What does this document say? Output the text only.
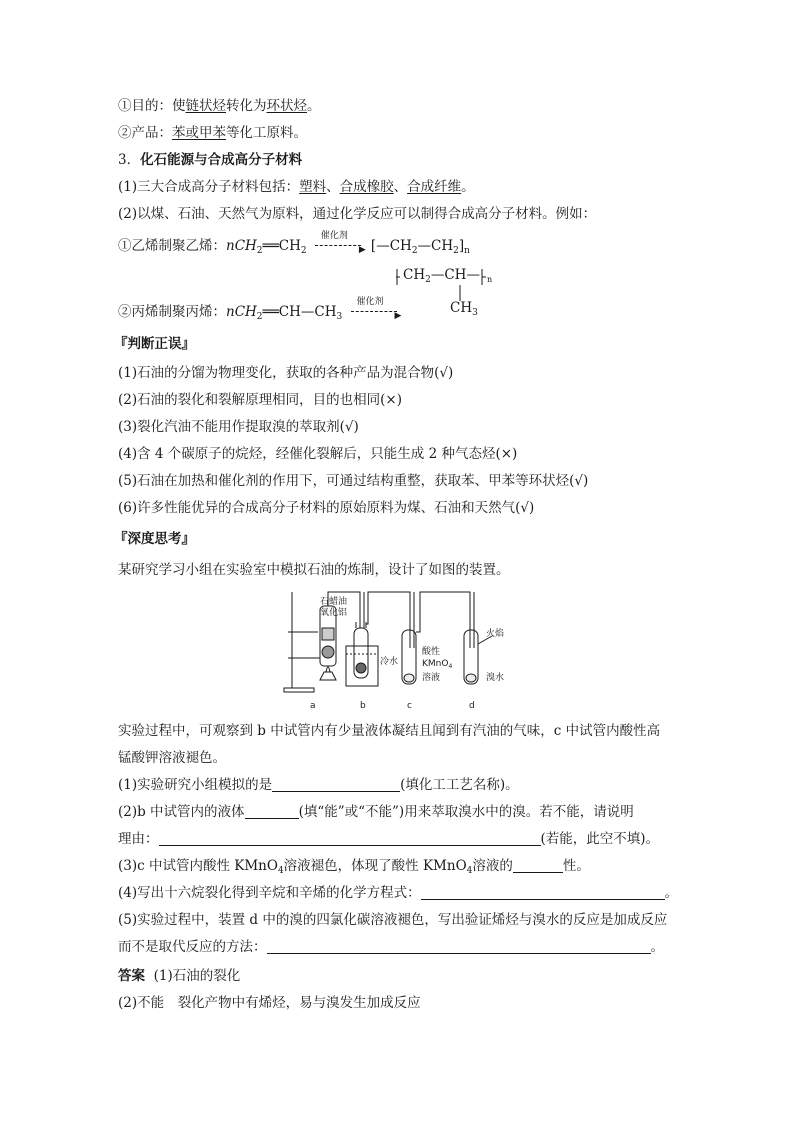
①目的：使链状烃转化为环状烃。
②产品：苯或甲苯等化工原料。
3．化石能源与合成高分子材料
(1)三大合成高分子材料包括：塑料、合成橡胶、合成纤维。
(2)以煤、石油、天然气为原料，通过化学反应可以制得合成高分子材料。例如：
①乙烯制聚乙烯：$nCH_2══CH_2$
催化剂
▶ $[—CH_2—CH_2]_n$
$CH_2—CH—$ n
$CH_3$
②丙烯制聚丙烯：$nCH_2══CH—CH_3$
催化剂
▶
『判断正误』
(1)石油的分馏为物理变化，获取的各种产品为混合物(√)
(2)石油的裂化和裂解原理相同，目的也相同(×)
(3)裂化汽油不能用作提取溴的萃取剂(√)
(4)含 4 个碳原子的烷烃，经催化裂解后，只能生成 2 种气态烃(×)
(5)石油在加热和催化剂的作用下，可通过结构重整，获取苯、甲苯等环状烃(√)
(6)许多性能优异的合成高分子材料的原始原料为煤、石油和天然气(√)
『深度思考』
某研究学习小组在实验室中模拟石油的炼制，设计了如图的装置。
石蜡油
氧化铝
冷水
酸性
KMnO$_4$
溶液
火焰
溴水
a	b	c	d
实验过程中，可观察到 b 中试管内有少量液体凝结且闻到有汽油的气味，c 中试管内酸性高
锰酸钾溶液褪色。
(1)实验研究小组模拟的是	(填化工工艺名称)。
(2)b 中试管内的液体	(填“能”或“不能”)用来萃取溴水中的溴。若不能，请说明
理由：	(若能，此空不填)。
(3)c 中试管内酸性 KMnO$_4$溶液褪色，体现了酸性 KMnO$_4$溶液的	性。
(4)写出十六烷裂化得到辛烷和辛烯的化学方程式：	。
(5)实验过程中，装置 d 中的溴的四氯化碳溶液褪色，写出验证烯烃与溴水的反应是加成反应
而不是取代反应的方法：	。
答案 (1)石油的裂化
(2)不能　裂化产物中有烯烃，易与溴发生加成反应
